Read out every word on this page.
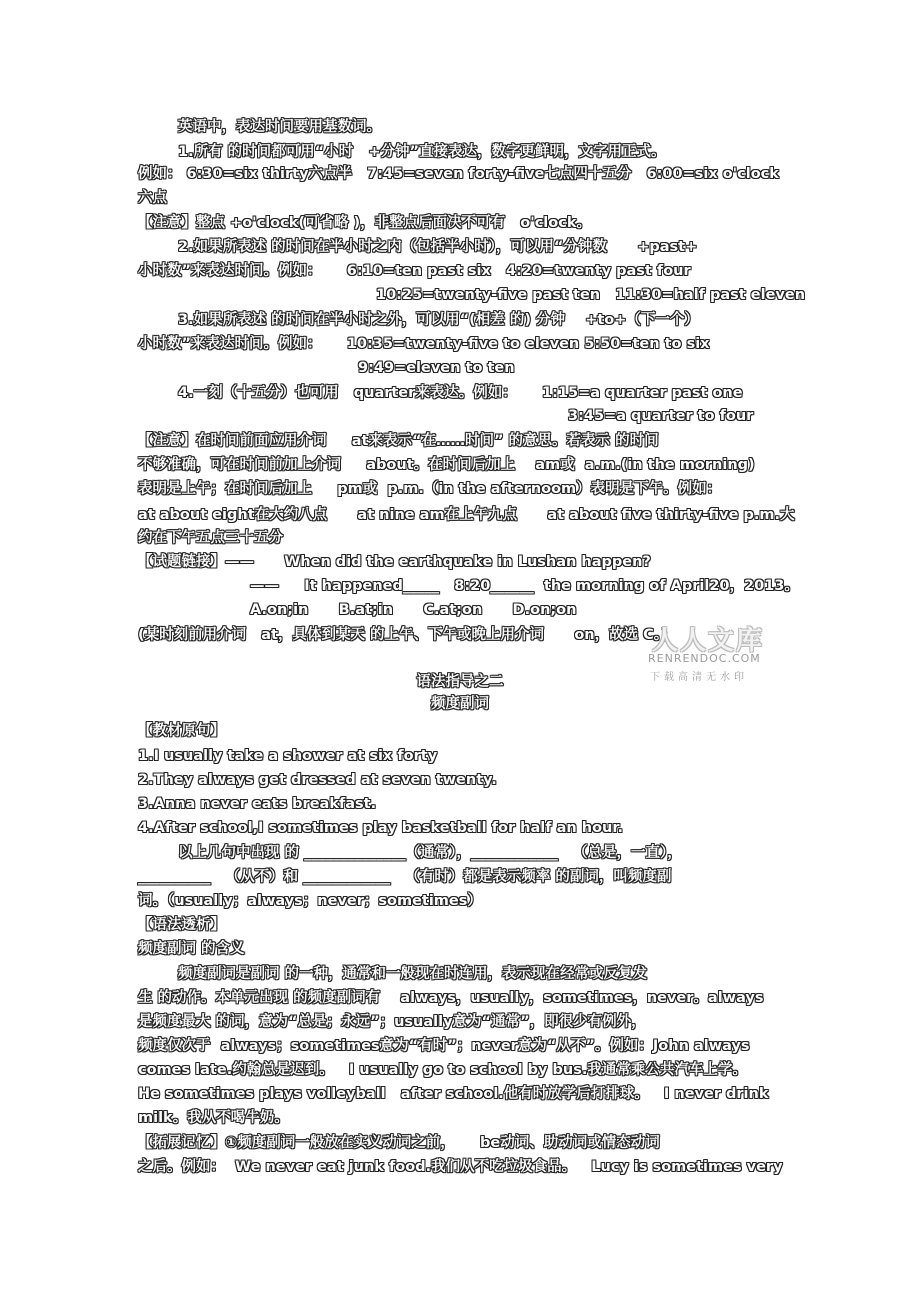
英语中，表达时间要用基数词。
1.所有 的时间都可用“小时   +分钟”直接表达，数字更鲜明，文字用正式。
例如： 6:30=six thirty六点半   7:45=seven forty-five七点四十五分   6:00=six o'clock
六点
【注意】整点 +o'clock(可省略 )，非整点后面决不可有   o'clock。
2.如果所表述 的时间在半小时之内（包括半小时），可以用“分钟数      +past+
小时数”来表达时间。例如：     6:10=ten past six   4:20=twenty past four
10:25=twenty-five past ten   11:30=half past eleven
3.如果所表述 的时间在半小时之外，可以用“(相差 的) 分钟    +to+（下一个）
小时数”来表达时间。例如：     10:35=twenty-five to eleven 5:50=ten to six
9:49=eleven to ten
4.一刻（十五分）也可用   quarter来表达。例如：     1:15=a quarter past one
3:45=a quarter to four
【注意】在时间前面应用介词     at来表示“在……时间” 的意思。若表示 的时间
不够准确，可在时间前加上介词     about。在时间后加上    am或  a.m.(in the morning)
表明是上午；在时间后加上     pm或  p.m.（in the afternoom）表明是下午。例如：
at about eight在大约八点      at nine am在上午九点      at about five thirty-five p.m.大
约在下午五点三十五分
【试题链接】——      When did the earthquake in Lushan happen?
——     It happened_____   8:20______  the morning of April20，2013。
A.on;in      B.at;in      C.at;on      D.on;on
(某时刻前用介词   at，具体到某天 的上午、下午或晚上用介词      on，故选 C。)
语法指导之二
频度副词
【教材原句】
1.I usually take a shower at six forty
2.They always get dressed at seven twenty.
3.Anna never eats breakfast.
4.After school,I sometimes play basketball for half an hour.
以上几句中出现 的 ______________（通常），____________   （总是，一直），
__________   （从不）和 ____________   （有时）都是表示频率 的副词，叫频度副
词。（usually；always；never；sometimes）
【语法透析】
频度副词 的含义
频度副词是副词 的一种，通常和一般现在时连用，表示现在经常或反复发
生 的动作。本单元出现 的频度副词有    always，usually，sometimes，never。always
是频度最大 的词，意为“总是；永远”；usually意为“通常”，即很少有例外，
频度仅次于  always；sometimes意为“有时”；never意为“从不”。例如：John always
comes late.约翰总是迟到。   I usually go to school by bus.我通常乘公共汽车上学。
He sometimes plays volleyball   after school.他有时放学后打排球。   I never drink
milk。我从不喝牛奶。
【拓展记忆】①频度副词一般放在实义动词之前，     be动词、助动词或情态动词
之后。例如：  We never eat junk food.我们从不吃垃圾食品。   Lucy is sometimes very
人人文库
RENRENDOC.COM
下载高清无水印
